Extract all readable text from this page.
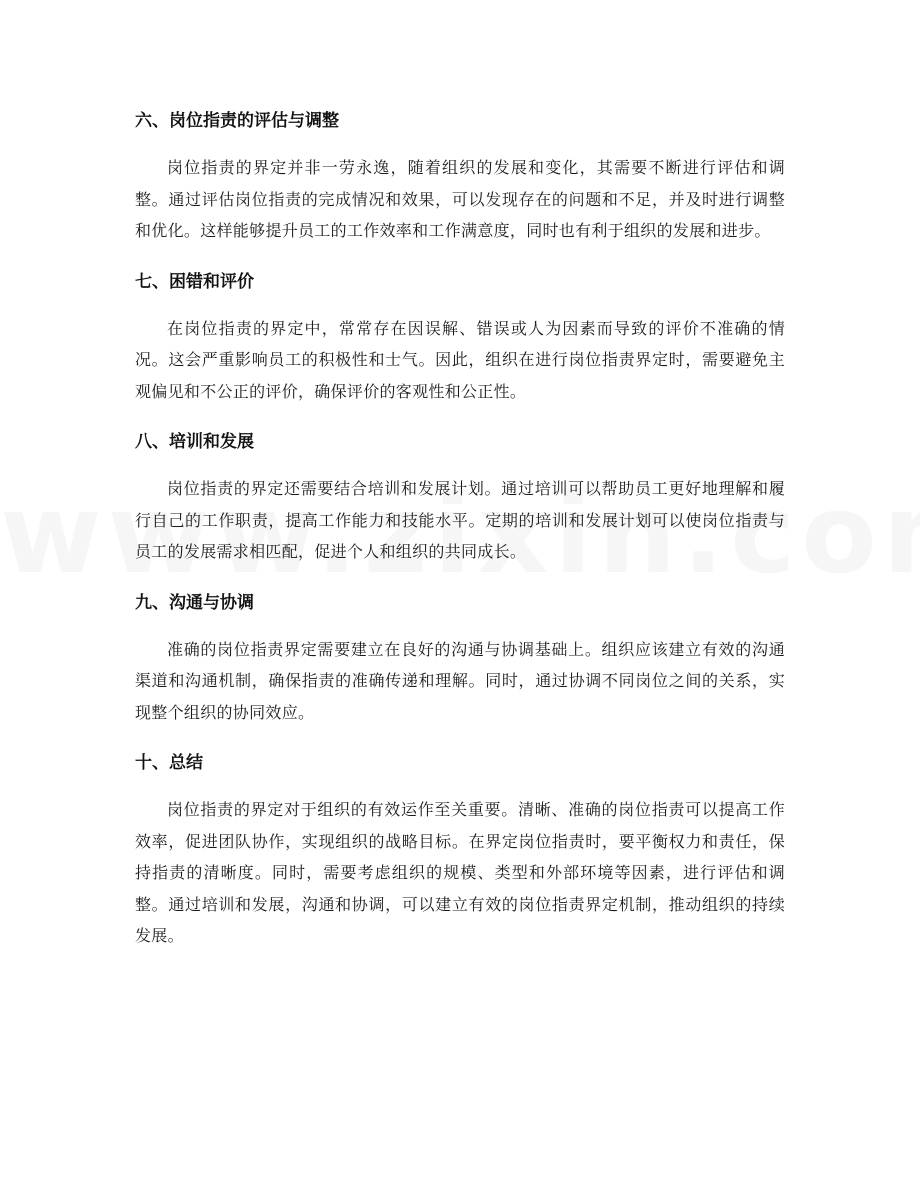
六、岗位指责的评估与调整

岗位指责的界定并非一劳永逸，随着组织的发展和变化，其需要不断进行评估和调整。通过评估岗位指责的完成情况和效果，可以发现存在的问题和不足，并及时进行调整和优化。这样能够提升员工的工作效率和工作满意度，同时也有利于组织的发展和进步。

七、困错和评价

在岗位指责的界定中，常常存在因误解、错误或人为因素而导致的评价不准确的情况。这会严重影响员工的积极性和士气。因此，组织在进行岗位指责界定时，需要避免主观偏见和不公正的评价，确保评价的客观性和公正性。

八、培训和发展

岗位指责的界定还需要结合培训和发展计划。通过培训可以帮助员工更好地理解和履行自己的工作职责，提高工作能力和技能水平。定期的培训和发展计划可以使岗位指责与员工的发展需求相匹配，促进个人和组织的共同成长。

九、沟通与协调

准确的岗位指责界定需要建立在良好的沟通与协调基础上。组织应该建立有效的沟通渠道和沟通机制，确保指责的准确传递和理解。同时，通过协调不同岗位之间的关系，实现整个组织的协同效应。

十、总结

岗位指责的界定对于组织的有效运作至关重要。清晰、准确的岗位指责可以提高工作效率，促进团队协作，实现组织的战略目标。在界定岗位指责时，要平衡权力和责任，保持指责的清晰度。同时，需要考虑组织的规模、类型和外部环境等因素，进行评估和调整。通过培训和发展，沟通和协调，可以建立有效的岗位指责界定机制，推动组织的持续发展。
